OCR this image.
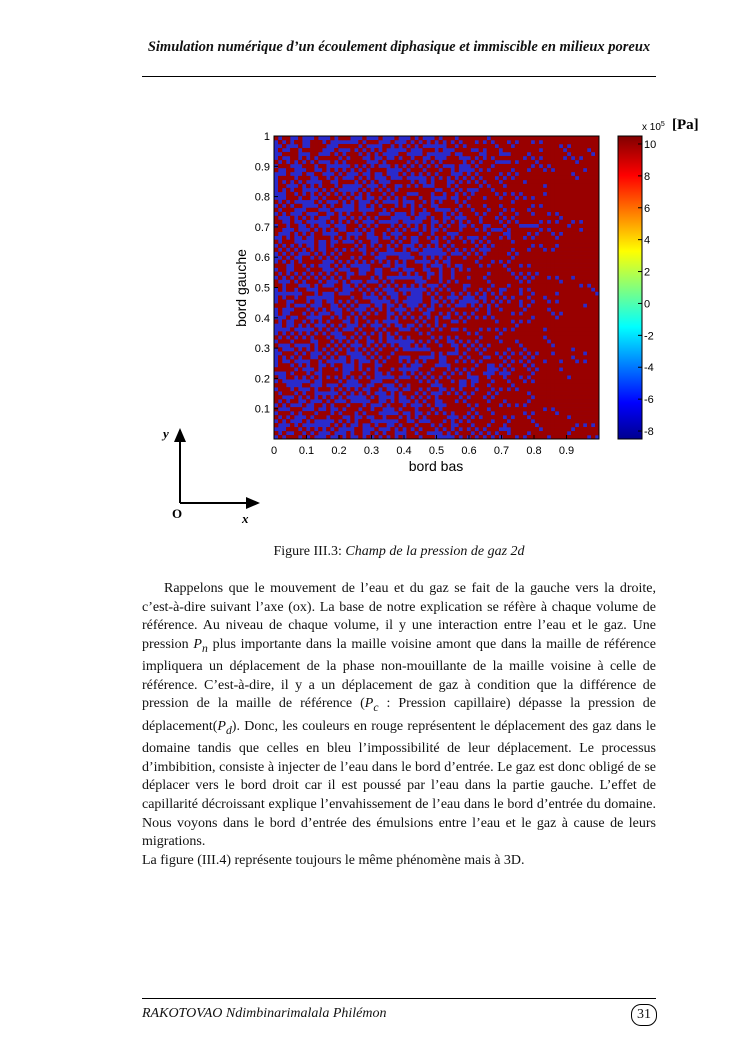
Simulation numérique d’un écoulement diphasique et immiscible en milieux poreux
0 0.1 0.2 0.3 0.4 0.5 0.6 0.7 0.8 0.9
0.1
0.2
0.3
0.4
0.5
0.6
0.7
0.8
0.9
1
bord bas
bord gauche
10
8
6
4
2
0
-2
-4
-6
-8
x $10^5$ [Pa]
y
O	x
Figure III.3: Champ de la pression de gaz 2d

Rappelons que le mouvement de l’eau et du gaz se fait de la gauche vers la droite, c’est-à-dire suivant l’axe (ox). La base de notre explication se réfère à chaque volume de référence. Au niveau de chaque volume, il y une interaction entre l’eau et le gaz. Une pression $P_n$ plus importante dans la maille voisine amont que dans la maille de référence impliquera un déplacement de la phase non-mouillante de la maille voisine à celle de référence. C’est-à-dire, il y a un déplacement de gaz à condition que la différence de pression de la maille de référence ($P_c$ : Pression capillaire) dépasse la pression de $déplacement(P_d)$. Donc, les couleurs en rouge représentent le déplacement des gaz dans le domaine tandis que celles en bleu l’impossibilité de leur déplacement. Le processus d’imbibition, consiste à injecter de l’eau dans le bord d’entrée. Le gaz est donc obligé de se déplacer vers le bord droit car il est poussé par l’eau dans la partie gauche. L’effet de capillarité décroissant explique l’envahissement de l’eau dans le bord d’entrée du domaine. Nous voyons dans le bord d’entrée des émulsions entre l’eau et le gaz à cause de leurs migrations.

La figure (III.4) représente toujours le même phénomène mais à 3D.

RAKOTOVAO Ndimbinarimalala Philémon	31
